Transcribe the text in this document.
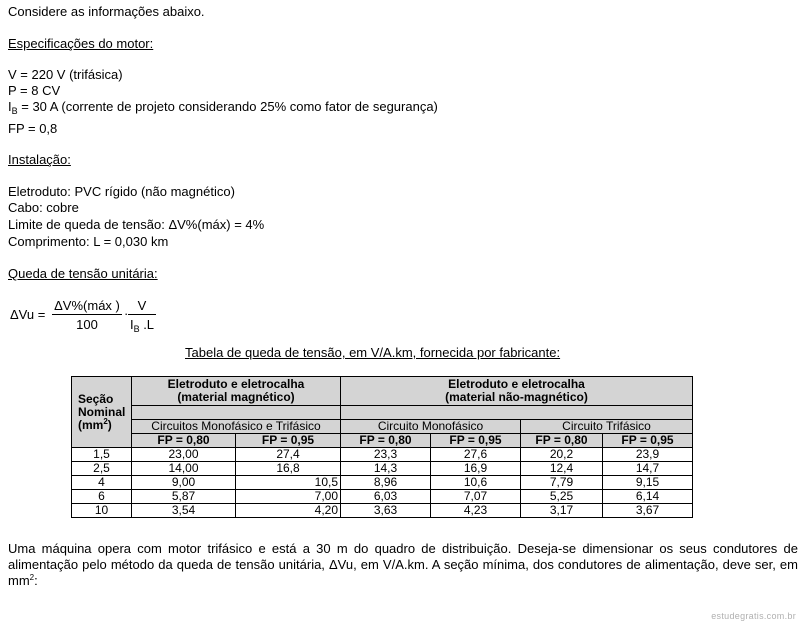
Considere as informações abaixo.
Especificações do motor:
V = 220 V (trifásica)
P = 8 CV
$I_B = 30$ A (corrente de projeto considerando 25% como fator de segurança)
FP = 0,8
Instalação:
Eletroduto: PVC rígido (não magnético)
Cabo: cobre
Limite de queda de tensão: ΔV%(máx) = 4%
Comprimento: L = 0,030 km
Queda de tensão unitária:
ΔVu =
ΔV%(máx )
100
·
V
$I_B$ .L
Tabela de queda de tensão, em V/A.km, fornecida por fabricante:
Seção
Nominal
$(mm^2)$	Eletroduto e eletrocalha
(material magnético)		Eletroduto e eletrocalha
(material não-magnético)			

	Circuitos Monofásico e Trifásico		Circuito Monofásico		Circuito Trifásico	
	FP = 0,80	FP = 0,95	FP = 0,80	FP = 0,95	FP = 0,80	FP = 0,95
1,5	23,00	27,4	23,3	27,6	20,2	23,9
2,5	14,00	16,8	14,3	16,9	12,4	14,7
4	9,00	10,5	8,96	10,6	7,79	9,15
6	5,87	7,00	6,03	7,07	5,25	6,14
10	3,54	4,20	3,63	4,23	3,17	3,67
Uma máquina opera com motor trifásico e está a 30 m do quadro de distribuição. Deseja-se dimensionar os seus condutores de alimentação pelo método da queda de tensão unitária, ΔVu, em V/A.km. A seção mínima, dos condutores de alimentação, deve ser, em $mm^2$:
estudegratis.com.br
